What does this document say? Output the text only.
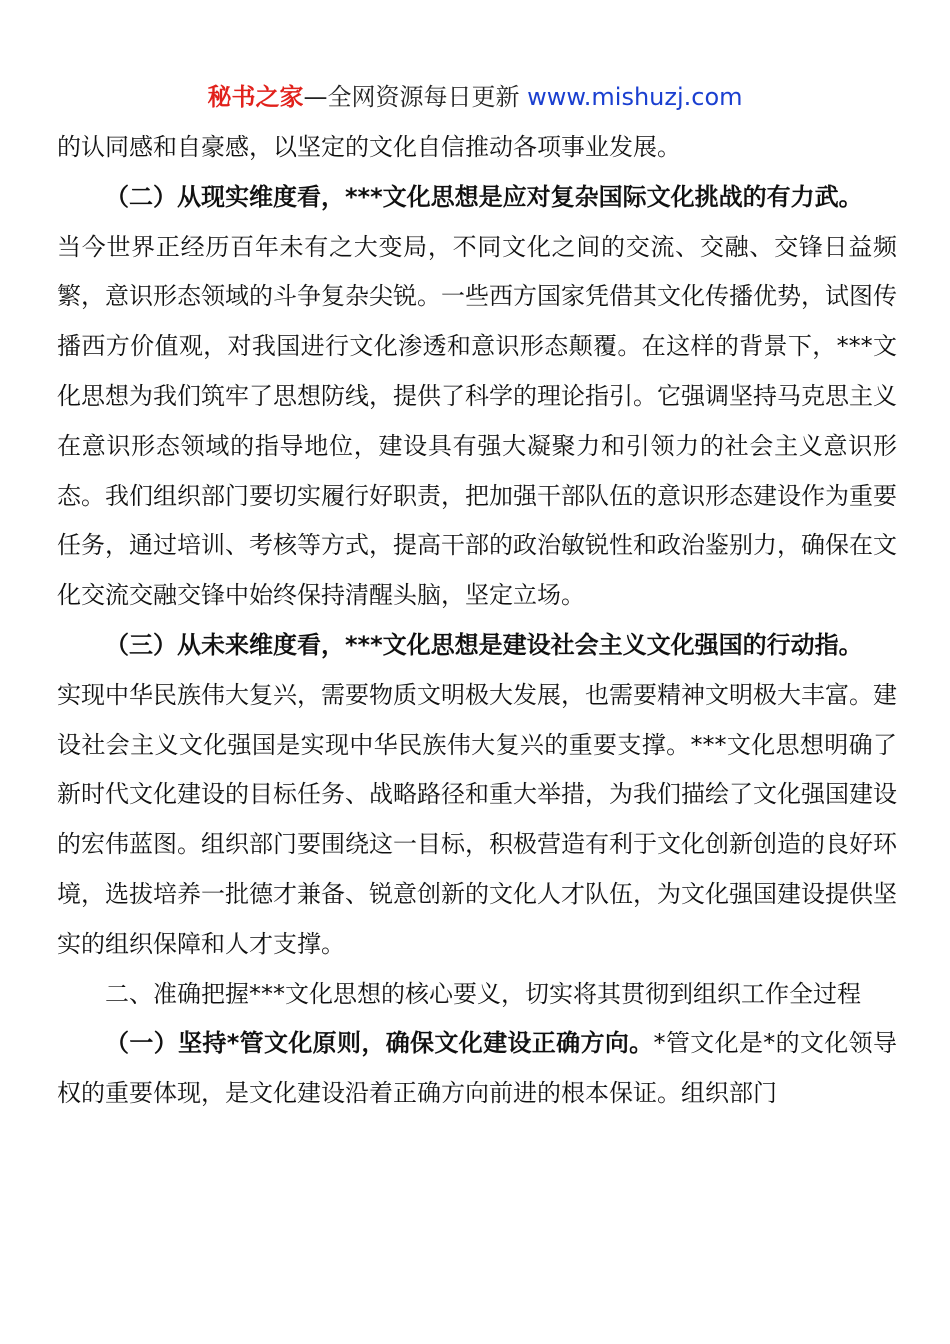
秘书之家—全网资源每日更新 www.mishuzj.com

的认同感和自豪感，以坚定的文化自信推动各项事业发展。

（二）从现实维度看，***文化思想是应对复杂国际文化挑战的有力武。

当今世界正经历百年未有之大变局，不同文化之间的交流、交融、交锋日益频繁，意识形态领域的斗争复杂尖锐。一些西方国家凭借其文化传播优势，试图传播西方价值观，对我国进行文化渗透和意识形态颠覆。在这样的背景下，***文化思想为我们筑牢了思想防线，提供了科学的理论指引。它强调坚持马克思主义在意识形态领域的指导地位，建设具有强大凝聚力和引领力的社会主义意识形态。我们组织部门要切实履行好职责，把加强干部队伍的意识形态建设作为重要任务，通过培训、考核等方式，提高干部的政治敏锐性和政治鉴别力，确保在文化交流交融交锋中始终保持清醒头脑，坚定立场。

（三）从未来维度看，***文化思想是建设社会主义文化强国的行动指。

实现中华民族伟大复兴，需要物质文明极大发展，也需要精神文明极大丰富。建设社会主义文化强国是实现中华民族伟大复兴的重要支撑。***文化思想明确了新时代文化建设的目标任务、战略路径和重大举措，为我们描绘了文化强国建设的宏伟蓝图。组织部门要围绕这一目标，积极营造有利于文化创新创造的良好环境，选拔培养一批德才兼备、锐意创新的文化人才队伍，为文化强国建设提供坚实的组织保障和人才支撑。

二、准确把握***文化思想的核心要义，切实将其贯彻到组织工作全过程

（一）坚持*管文化原则，确保文化建设正确方向。*管文化是*的文化领导权的重要体现，是文化建设沿着正确方向前进的根本保证。组织部门
